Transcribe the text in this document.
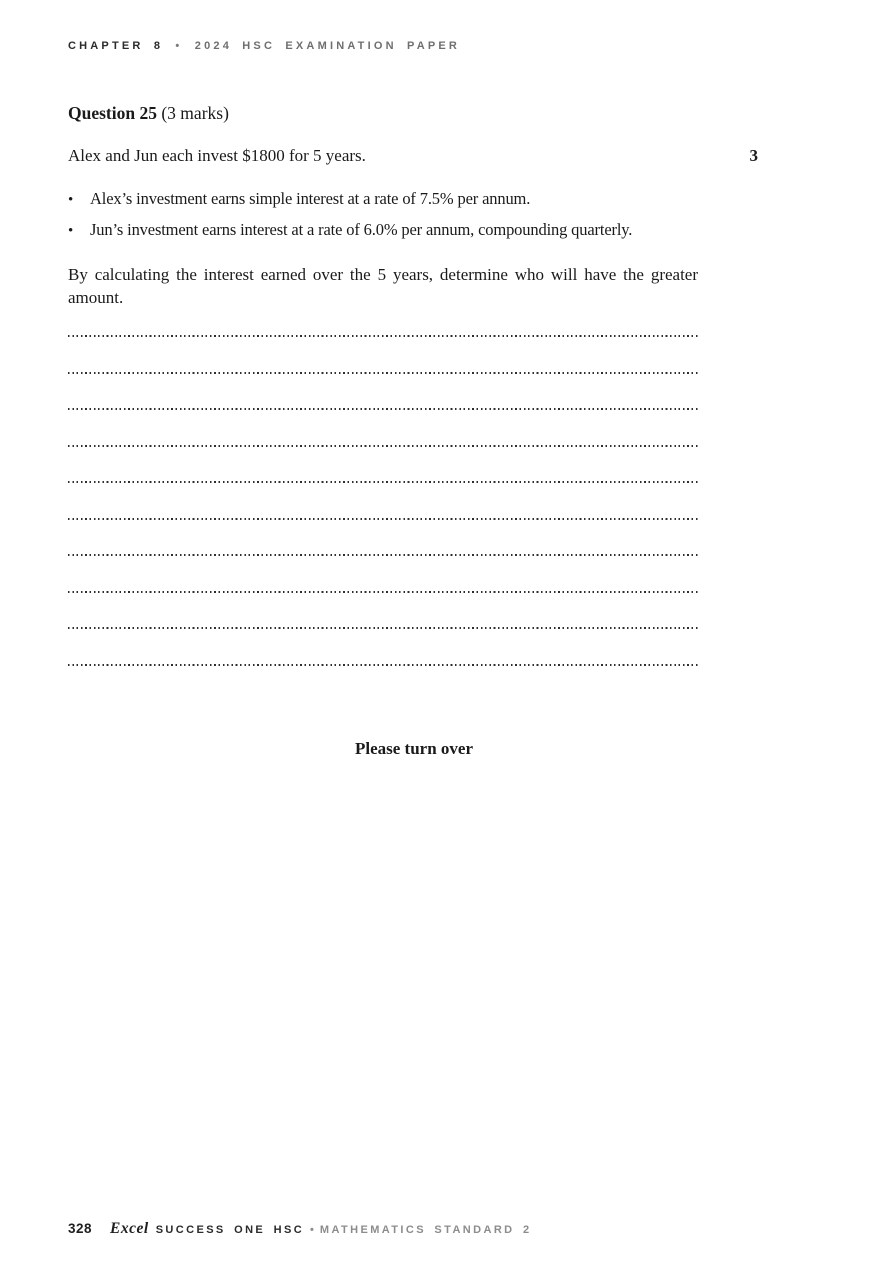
CHAPTER 8 • 2024 HSC EXAMINATION PAPER
Question 25 (3 marks)
Alex and Jun each invest $1800 for 5 years.	3
•	Alex’s investment earns simple interest at a rate of 7.5% per annum.
•	Jun’s investment earns interest at a rate of 6.0% per annum, compounding quarterly.
By calculating the interest earned over the 5 years, determine who will have the greater amount.
Please turn over
328 Excel SUCCESS ONE HSC • MATHEMATICS STANDARD 2
